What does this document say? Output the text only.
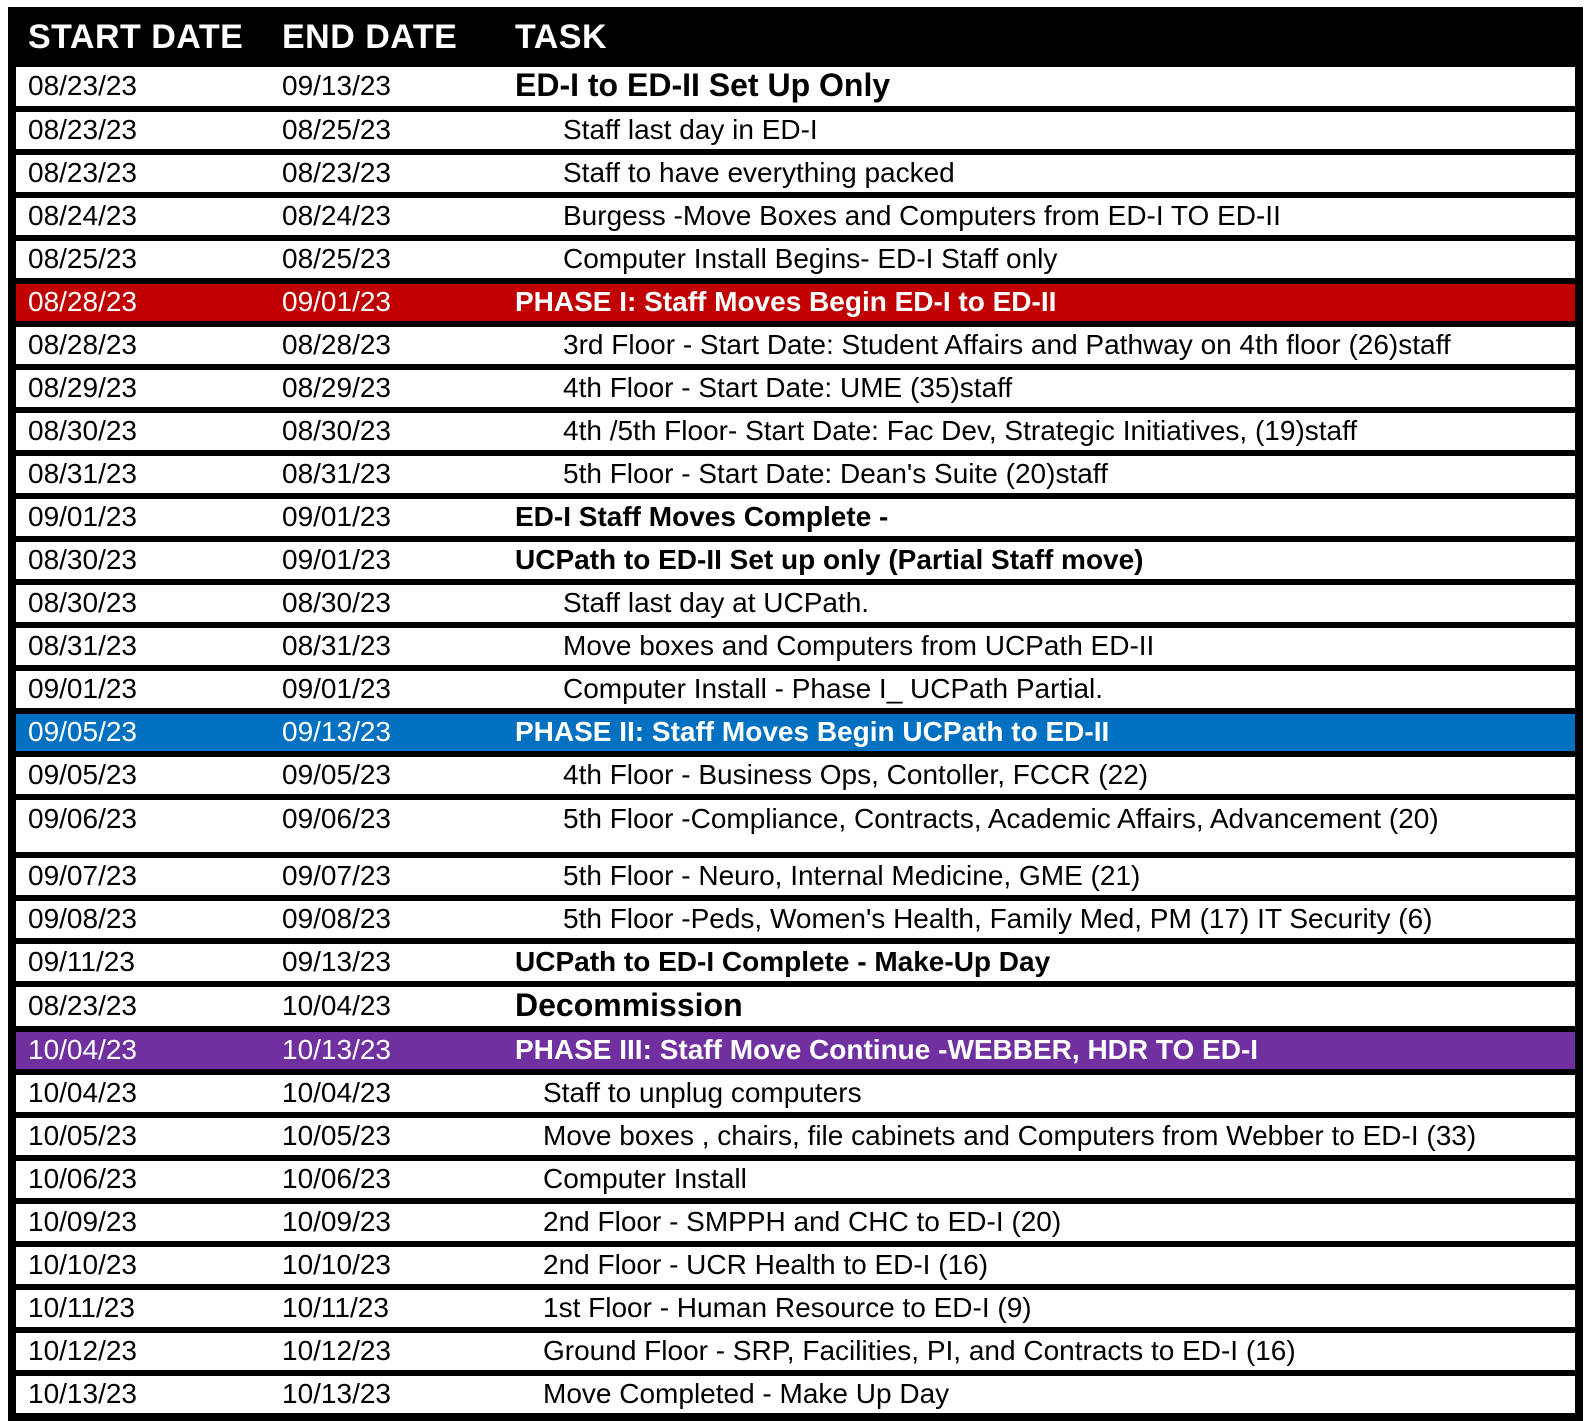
START DATE	END DATE	TASK
08/23/23	09/13/23	ED-I to ED-II Set Up Only
08/23/23	08/25/23	Staff last day in ED-I
08/23/23	08/23/23	Staff to have everything packed
08/24/23	08/24/23	Burgess -Move Boxes and Computers from ED-I TO ED-II
08/25/23	08/25/23	Computer Install Begins- ED-I Staff only
08/28/23	09/01/23	PHASE I: Staff Moves Begin ED-I to ED-II
08/28/23	08/28/23	3rd Floor - Start Date: Student Affairs and Pathway on 4th floor (26)staff
08/29/23	08/29/23	4th Floor - Start Date: UME (35)staff
08/30/23	08/30/23	4th /5th Floor- Start Date: Fac Dev, Strategic Initiatives, (19)staff
08/31/23	08/31/23	5th Floor - Start Date: Dean's Suite (20)staff
09/01/23	09/01/23	ED-I Staff Moves Complete -
08/30/23	09/01/23	UCPath to ED-II Set up only (Partial Staff move)
08/30/23	08/30/23	Staff last day at UCPath.
08/31/23	08/31/23	Move boxes and Computers from UCPath ED-II
09/01/23	09/01/23	Computer Install - Phase I_ UCPath Partial.
09/05/23	09/13/23	PHASE II: Staff Moves Begin UCPath to ED-II
09/05/23	09/05/23	4th Floor - Business Ops, Contoller, FCCR (22)
09/06/23	09/06/23	5th Floor -Compliance, Contracts, Academic Affairs, Advancement (20)
09/07/23	09/07/23	5th Floor - Neuro, Internal Medicine, GME (21)
09/08/23	09/08/23	5th Floor -Peds, Women's Health, Family Med, PM (17) IT Security (6)
09/11/23	09/13/23	UCPath to ED-I Complete - Make-Up Day
08/23/23	10/04/23	Decommission
10/04/23	10/13/23	PHASE III: Staff Move Continue -WEBBER, HDR TO ED-I
10/04/23	10/04/23	Staff to unplug computers
10/05/23	10/05/23	Move boxes , chairs, file cabinets and Computers from Webber to ED-I (33)
10/06/23	10/06/23	Computer Install
10/09/23	10/09/23	2nd Floor - SMPPH and CHC to ED-I (20)
10/10/23	10/10/23	2nd Floor - UCR Health to ED-I (16)
10/11/23	10/11/23	1st Floor - Human Resource to ED-I (9)
10/12/23	10/12/23	Ground Floor - SRP, Facilities, PI, and Contracts to ED-I (16)
10/13/23	10/13/23	Move Completed - Make Up Day
